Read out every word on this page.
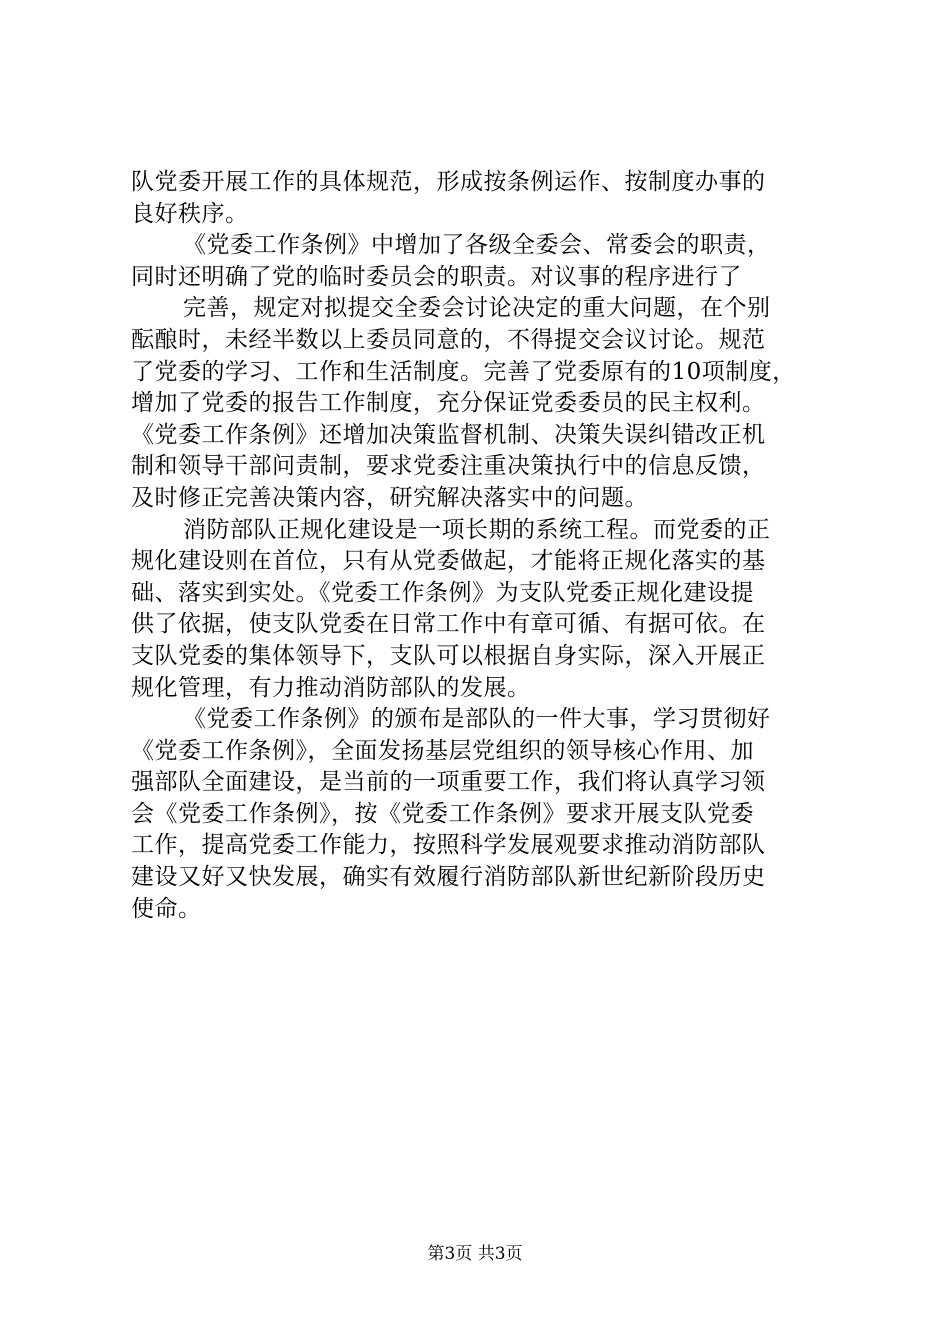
队党委开展工作的具体规范，形成按条例运作、按制度办事的
良好秩序。
《党委工作条例》中增加了各级全委会、常委会的职责，
同时还明确了党的临时委员会的职责。对议事的程序进行了
完善，规定对拟提交全委会讨论决定的重大问题，在个别
酝酿时，未经半数以上委员同意的，不得提交会议讨论。规范
了党委的学习、工作和生活制度。完善了党委原有的10项制度，
增加了党委的报告工作制度，充分保证党委委员的民主权利。
《党委工作条例》还增加决策监督机制、决策失误纠错改正机
制和领导干部问责制，要求党委注重决策执行中的信息反馈，
及时修正完善决策内容，研究解决落实中的问题。
消防部队正规化建设是一项长期的系统工程。而党委的正
规化建设则在首位，只有从党委做起，才能将正规化落实的基
础、落实到实处。《党委工作条例》为支队党委正规化建设提
供了依据，使支队党委在日常工作中有章可循、有据可依。在
支队党委的集体领导下，支队可以根据自身实际，深入开展正
规化管理，有力推动消防部队的发展。
《党委工作条例》的颁布是部队的一件大事，学习贯彻好
《党委工作条例》，全面发扬基层党组织的领导核心作用、加
强部队全面建设，是当前的一项重要工作，我们将认真学习领
会《党委工作条例》，按《党委工作条例》要求开展支队党委
工作，提高党委工作能力，按照科学发展观要求推动消防部队
建设又好又快发展，确实有效履行消防部队新世纪新阶段历史
使命。
第3页 共3页
